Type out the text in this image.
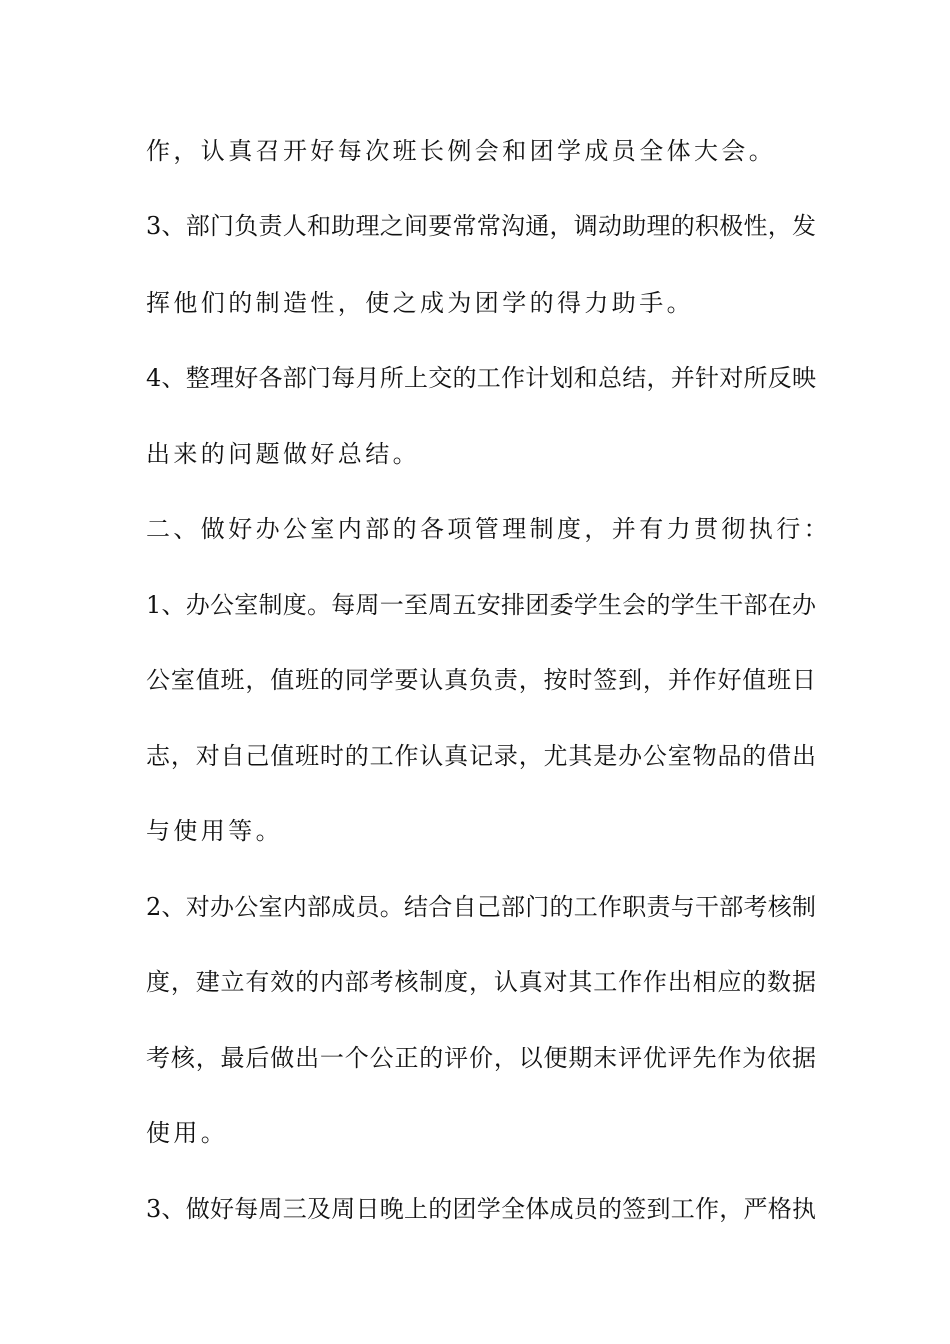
作，认真召开好每次班长例会和团学成员全体大会。
3、部门负责人和助理之间要常常沟通，调动助理的积极性，发
挥他们的制造性，使之成为团学的得力助手。
4、整理好各部门每月所上交的工作计划和总结，并针对所反映
出来的问题做好总结。
二、做好办公室内部的各项管理制度，并有力贯彻执行：
1、办公室制度。每周一至周五安排团委学生会的学生干部在办
公室值班，值班的同学要认真负责，按时签到，并作好值班日
志，对自己值班时的工作认真记录，尤其是办公室物品的借出
与使用等。
2、对办公室内部成员。结合自己部门的工作职责与干部考核制
度，建立有效的内部考核制度，认真对其工作作出相应的数据
考核，最后做出一个公正的评价，以便期末评优评先作为依据
使用。
3、做好每周三及周日晚上的团学全体成员的签到工作，严格执
